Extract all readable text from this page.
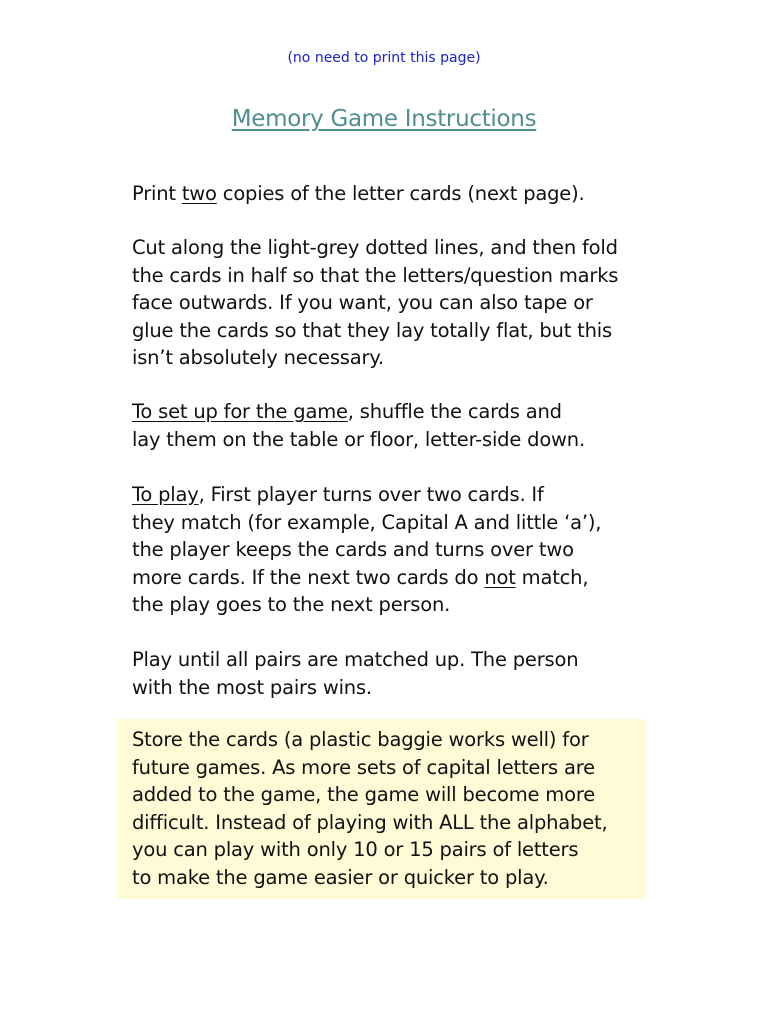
(no need to print this page)
Memory Game Instructions
Print two copies of the letter cards (next page).
Cut along the light-grey dotted lines, and then fold
the cards in half so that the letters/question marks
face outwards. If you want, you can also tape or
glue the cards so that they lay totally flat, but this
isn’t absolutely necessary.
To set up for the game, shuffle the cards and
lay them on the table or floor, letter-side down.
To play, First player turns over two cards. If
they match (for example, Capital A and little ‘a’),
the player keeps the cards and turns over two
more cards. If the next two cards do not match,
the play goes to the next person.
Play until all pairs are matched up. The person
with the most pairs wins.
Store the cards (a plastic baggie works well) for
future games. As more sets of capital letters are
added to the game, the game will become more
difficult. Instead of playing with ALL the alphabet,
you can play with only 10 or 15 pairs of letters
to make the game easier or quicker to play.
